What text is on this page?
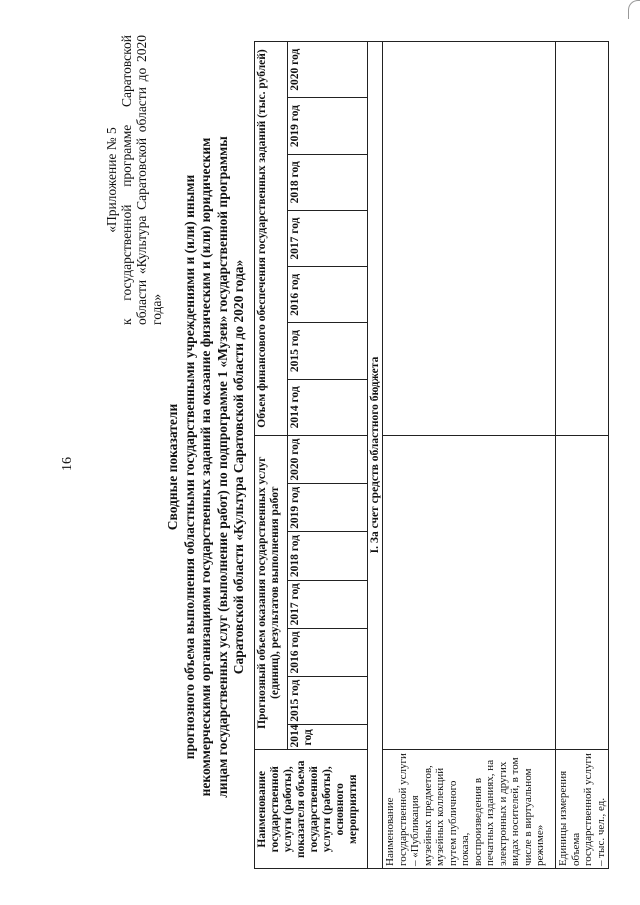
16
«Приложение № 5 к государственной программе Саратовской области «Культура Саратовской области до 2020 года»
Сводные показатели прогнозного объема выполнения областными государственными учреждениями и (или) иными некоммерческими организациями государственных заданий на оказание физическим и (или) юридическим лицам государственных услуг (выполнение работ) по подпрограмме 1 «Музеи» государственной программы Саратовской области «Культура Саратовской области до 2020 года»
Наименование государственной услуги (работы), показателя объема государственной услуги (работы), основного мероприятия	Прогнозный объем оказания государственных услуг (единиц), результатов выполнения работ							Объем финансового обеспечения государственных заданий (тыс. рублей)						
	2014 год	2015 год	2016 год	2017 год	2018 год	2019 год	2020 год	2014 год	2015 год	2016 год	2017 год	2018 год	2019 год	2020 год
I. За счет средств областного бюджета														
Наименование государственной услуги – «Публикация музейных предметов, музейных коллекций путем публичного показа, воспроизведения в печатных изданиях, на электронных и других видах носителей, в том числе в виртуальном режиме»														
Единицы измерения объема государственной услуги – тыс. чел., ед.														
